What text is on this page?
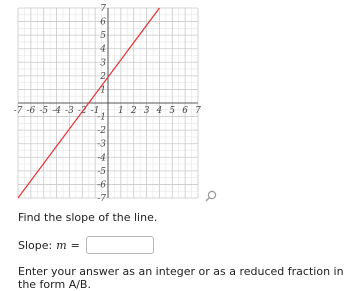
-7 -6 -5 -4 -3 -2 -1 1 2 3 4 5 6 7
7
6
5
4
3
2
1
-1
-2
-3
-4
-5
-6
-7
Find the slope of the line.
Slope: m =
Enter your answer as an integer or as a reduced fraction in the form A/B.
